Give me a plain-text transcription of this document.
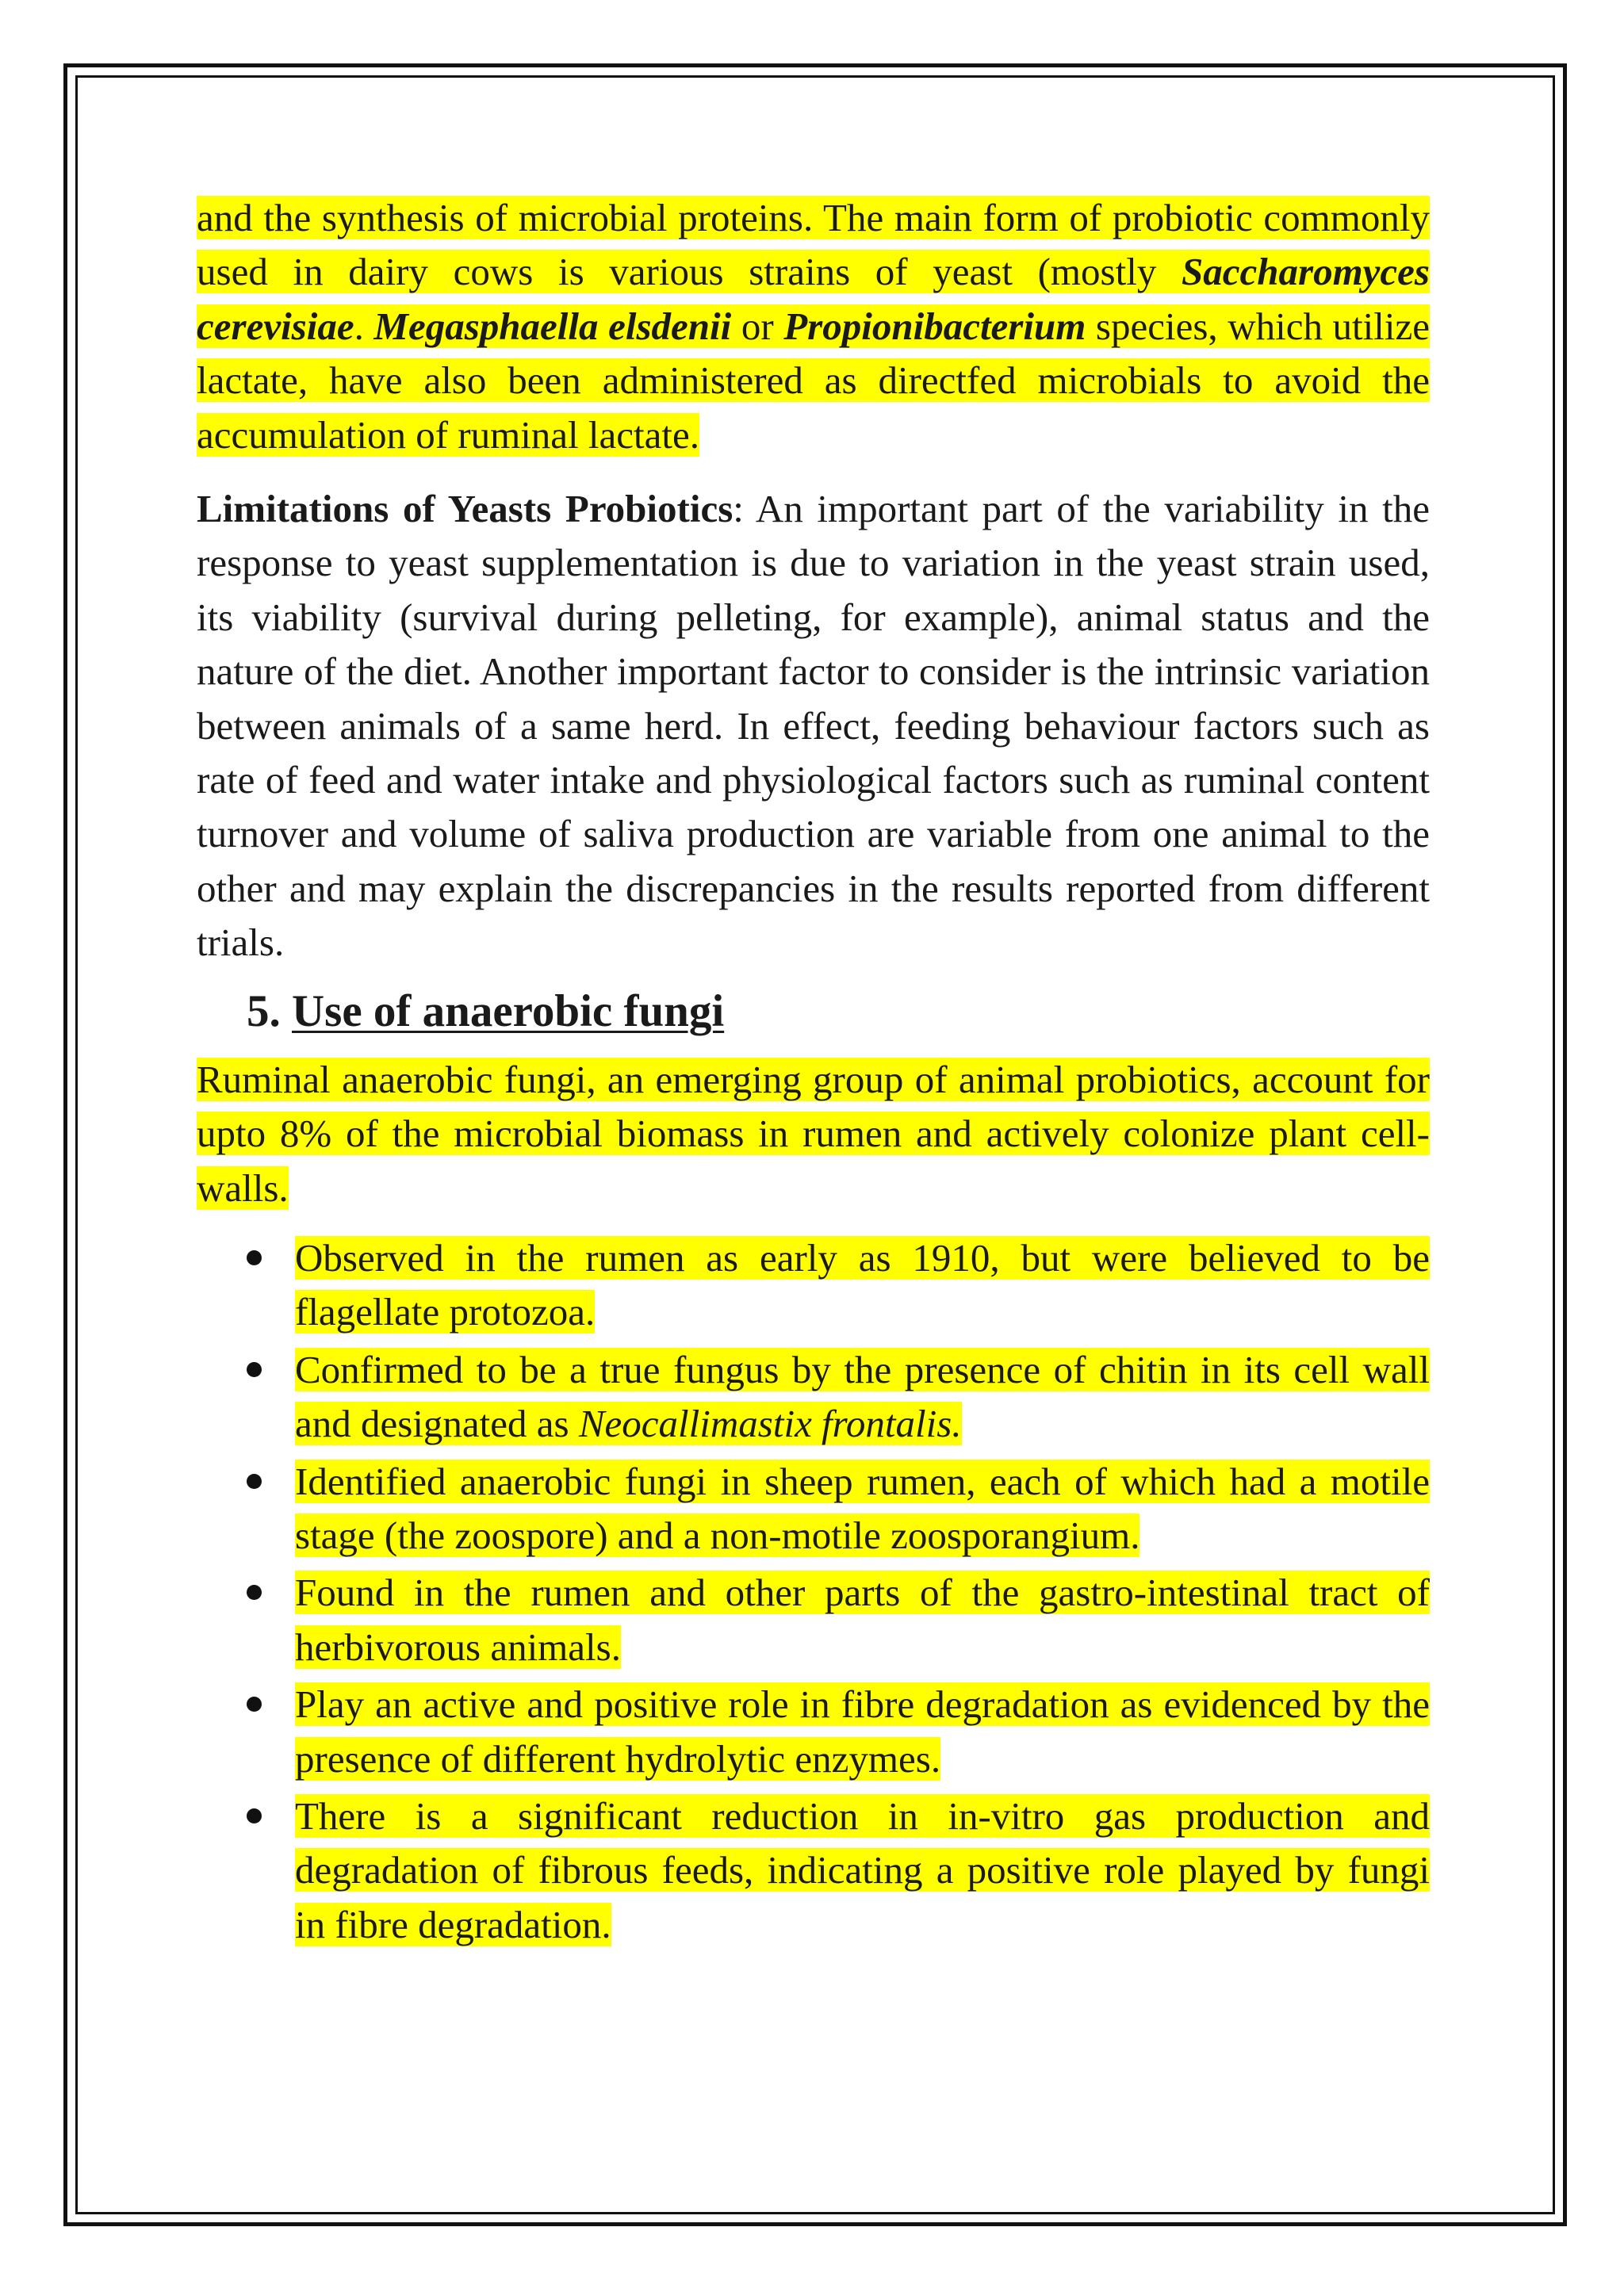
and the synthesis of microbial proteins. The main form of probiotic commonly used in dairy cows is various strains of yeast (mostly Saccharomyces cerevisiae. Megasphaella elsdenii or Propionibacterium species, which utilize lactate, have also been administered as directfed microbials to avoid the accumulation of ruminal lactate.

Limitations of Yeasts Probiotics: An important part of the variability in the response to yeast supplementation is due to variation in the yeast strain used, its viability (survival during pelleting, for example), animal status and the nature of the diet. Another important factor to consider is the intrinsic variation between animals of a same herd. In effect, feeding behaviour factors such as rate of feed and water intake and physiological factors such as ruminal content turnover and volume of saliva production are variable from one animal to the other and may explain the discrepancies in the results reported from different trials.

5. Use of anaerobic fungi

Ruminal anaerobic fungi, an emerging group of animal probiotics, account for upto 8% of the microbial biomass in rumen and actively colonize plant cell-walls.

Observed in the rumen as early as 1910, but were believed to be flagellate protozoa.
Confirmed to be a true fungus by the presence of chitin in its cell wall and designated as Neocallimastix frontalis.
Identified anaerobic fungi in sheep rumen, each of which had a motile stage (the zoospore) and a non-motile zoosporangium.
Found in the rumen and other parts of the gastro-intestinal tract of herbivorous animals.
Play an active and positive role in fibre degradation as evidenced by the presence of different hydrolytic enzymes.
There is a significant reduction in in-vitro gas production and degradation of fibrous feeds, indicating a positive role played by fungi in fibre degradation.
